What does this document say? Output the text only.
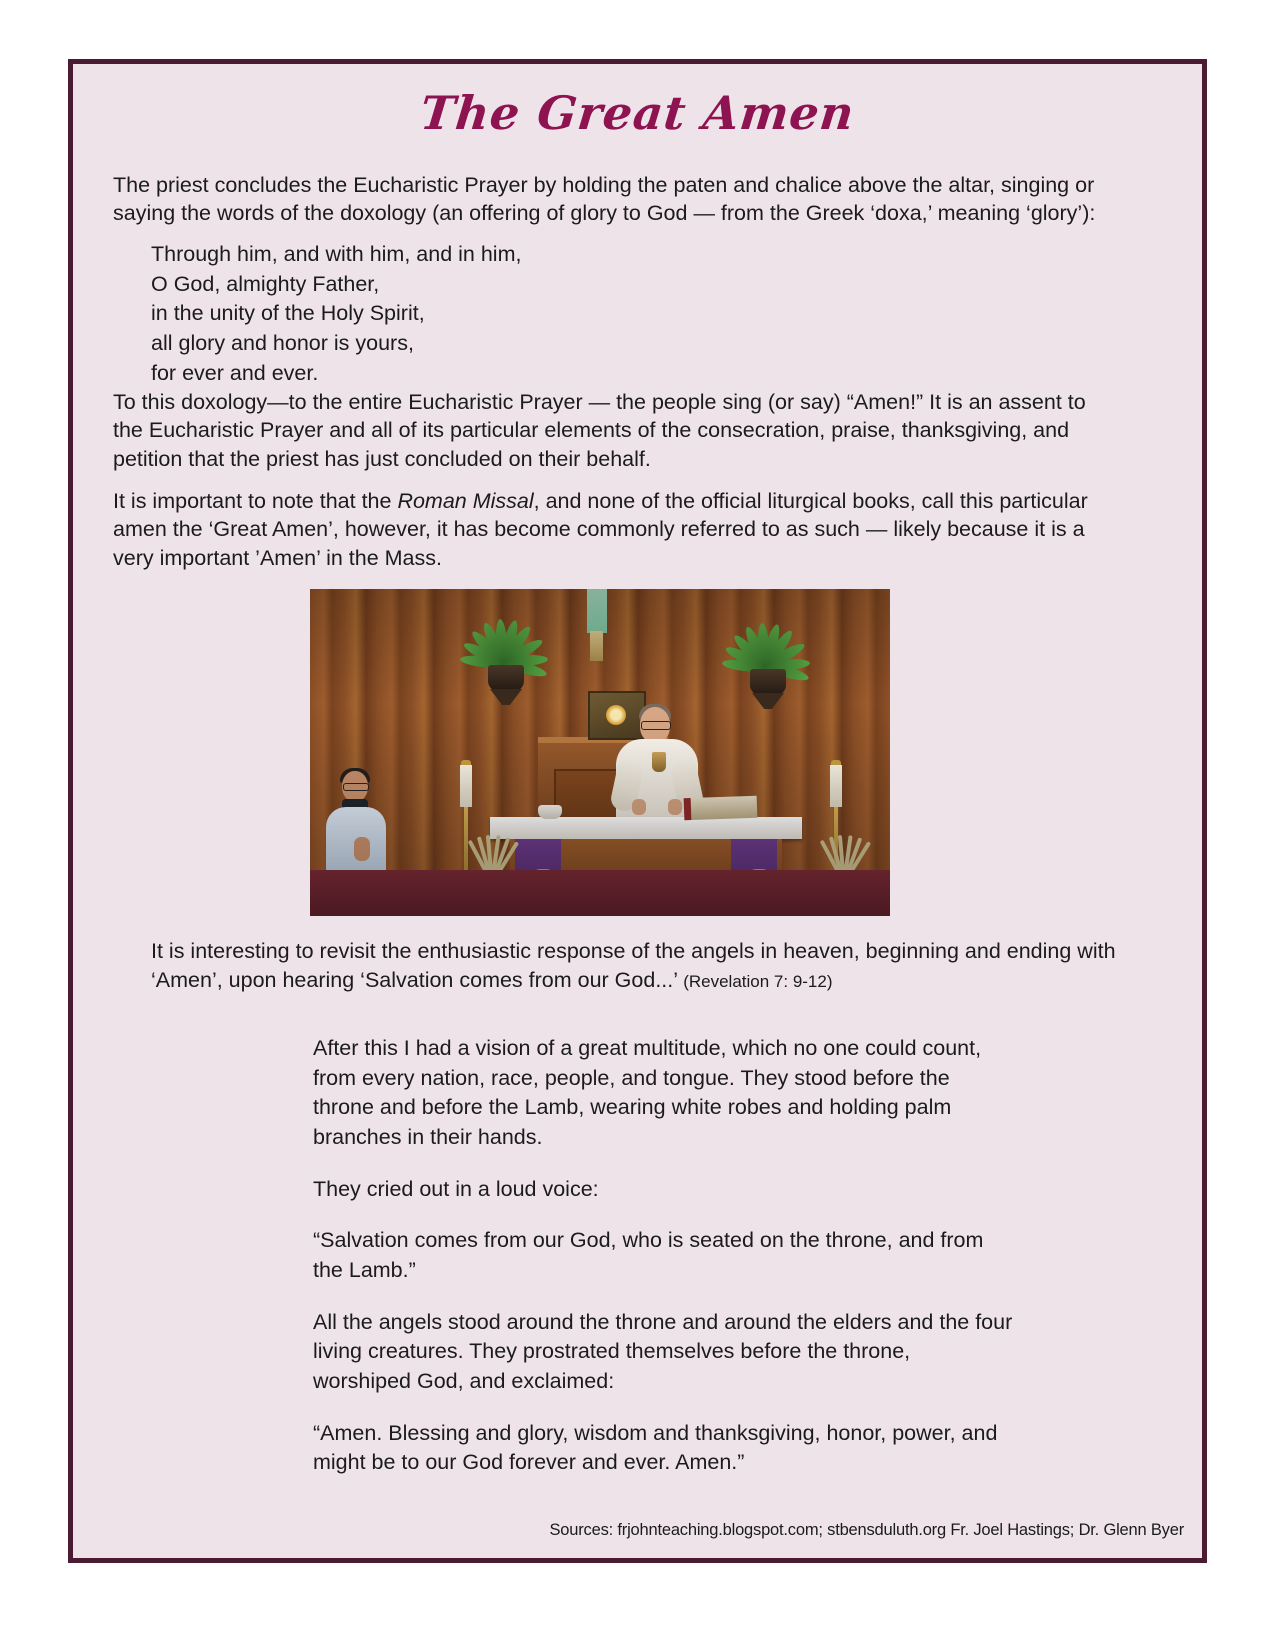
The Great Amen
The priest concludes the Eucharistic Prayer by holding the paten and chalice above the altar, singing or saying the words of the doxology (an offering of glory to God — from the Greek ‘doxa,’ meaning ‘glory’):
Through him, and with him, and in him,
O God, almighty Father,
in the unity of the Holy Spirit,
all glory and honor is yours,
for ever and ever.
To this doxology—to the entire Eucharistic Prayer — the people sing (or say) “Amen!” It is an assent to the Eucharistic Prayer and all of its particular elements of the consecration, praise, thanksgiving, and petition that the priest has just concluded on their behalf.
It is important to note that the Roman Missal, and none of the official liturgical books, call this particular amen the ‘Great Amen’, however, it has become commonly referred to as such — likely because it is a very important ’Amen’ in the Mass.
It is interesting to revisit the enthusiastic response of the angels in heaven, beginning and ending with ‘Amen’, upon hearing ‘Salvation comes from our God...’ (Revelation 7: 9-12)

After this I had a vision of a great multitude, which no one could count, from every nation, race, people, and tongue. They stood before the throne and before the Lamb, wearing white robes and holding palm branches in their hands.

They cried out in a loud voice:

“Salvation comes from our God, who is seated on the throne, and from the Lamb.”

All the angels stood around the throne and around the elders and the four living creatures. They prostrated themselves before the throne, worshiped God, and exclaimed:

“Amen. Blessing and glory, wisdom and thanksgiving, honor, power, and might be to our God forever and ever. Amen.”

Sources: frjohnteaching.blogspot.com; stbensduluth.org Fr. Joel Hastings; Dr. Glenn Byer
